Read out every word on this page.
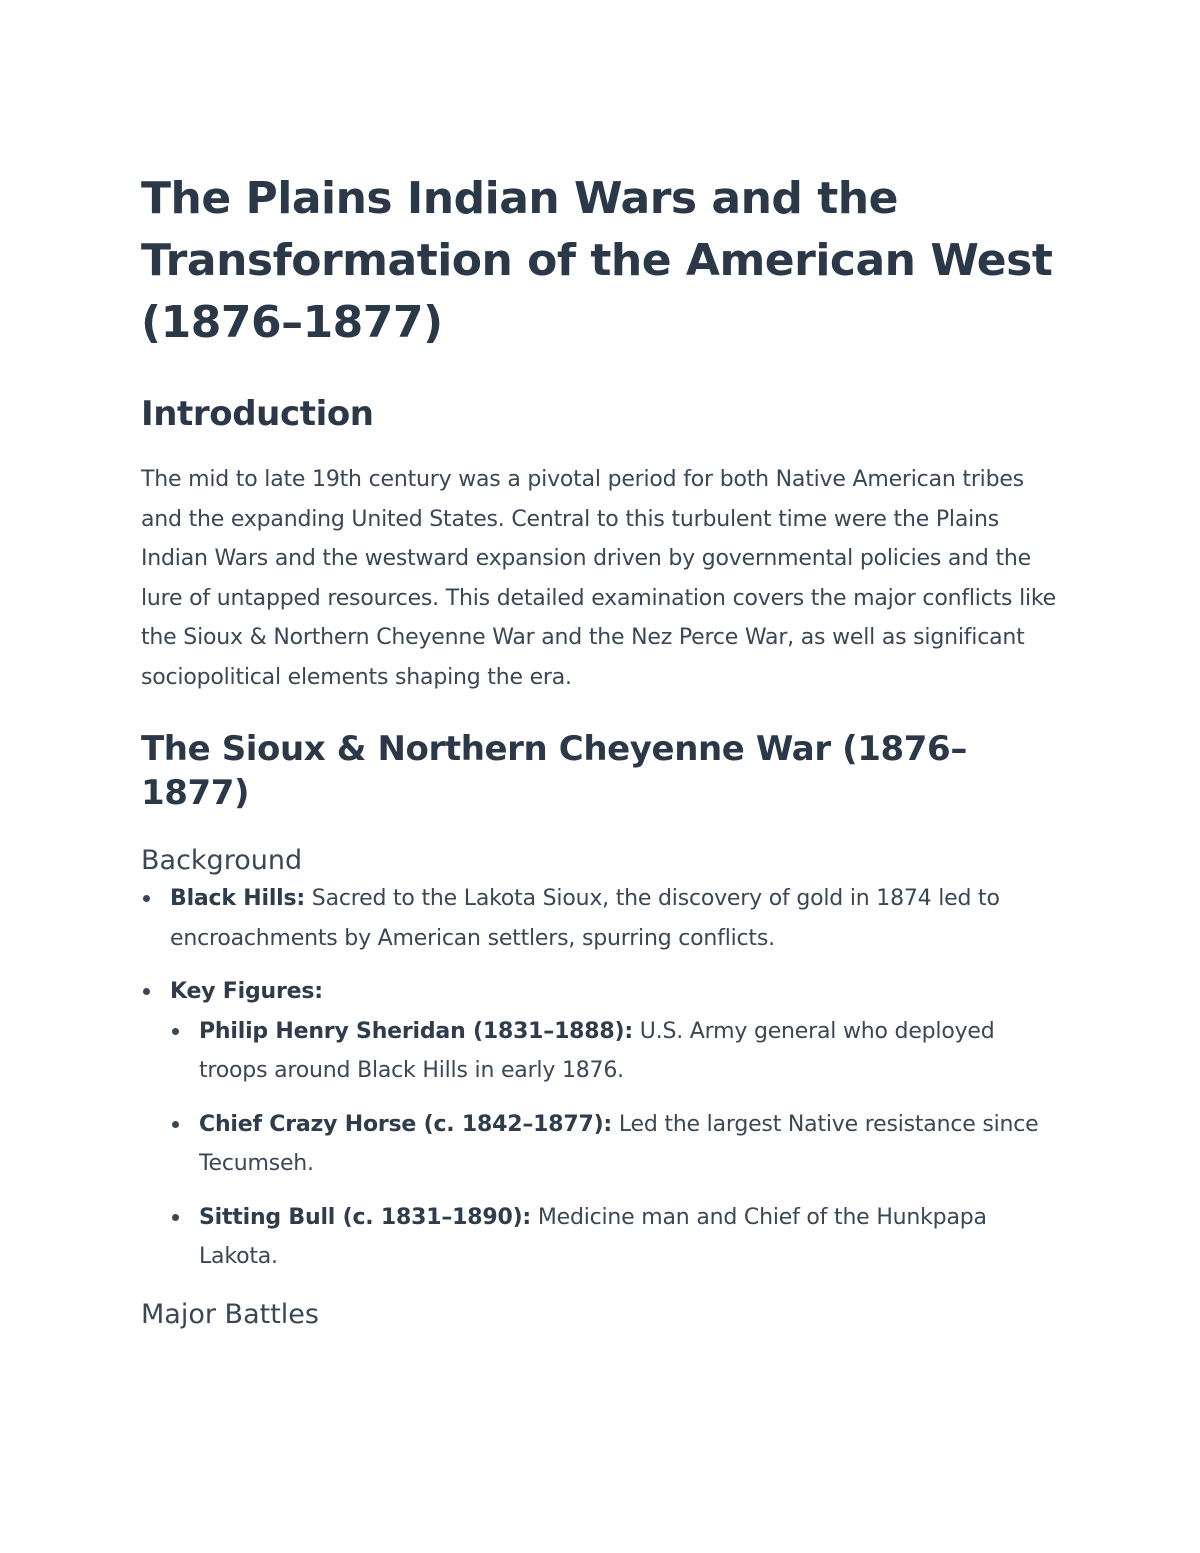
The Plains Indian Wars and the Transformation of the American West (1876–1877)
Introduction

The mid to late 19th century was a pivotal period for both Native American tribes and the expanding United States. Central to this turbulent time were the Plains Indian Wars and the westward expansion driven by governmental policies and the lure of untapped resources. This detailed examination covers the major conflicts like the Sioux & Northern Cheyenne War and the Nez Perce War, as well as significant sociopolitical elements shaping the era.

The Sioux & Northern Cheyenne War (1876–1877)
Background
Black Hills: Sacred to the Lakota Sioux, the discovery of gold in 1874 led to encroachments by American settlers, spurring conflicts.
Key Figures:
Philip Henry Sheridan (1831–1888): U.S. Army general who deployed troops around Black Hills in early 1876.
Chief Crazy Horse (c. 1842–1877): Led the largest Native resistance since Tecumseh.
Sitting Bull (c. 1831–1890): Medicine man and Chief of the Hunkpapa Lakota.
Major Battles
